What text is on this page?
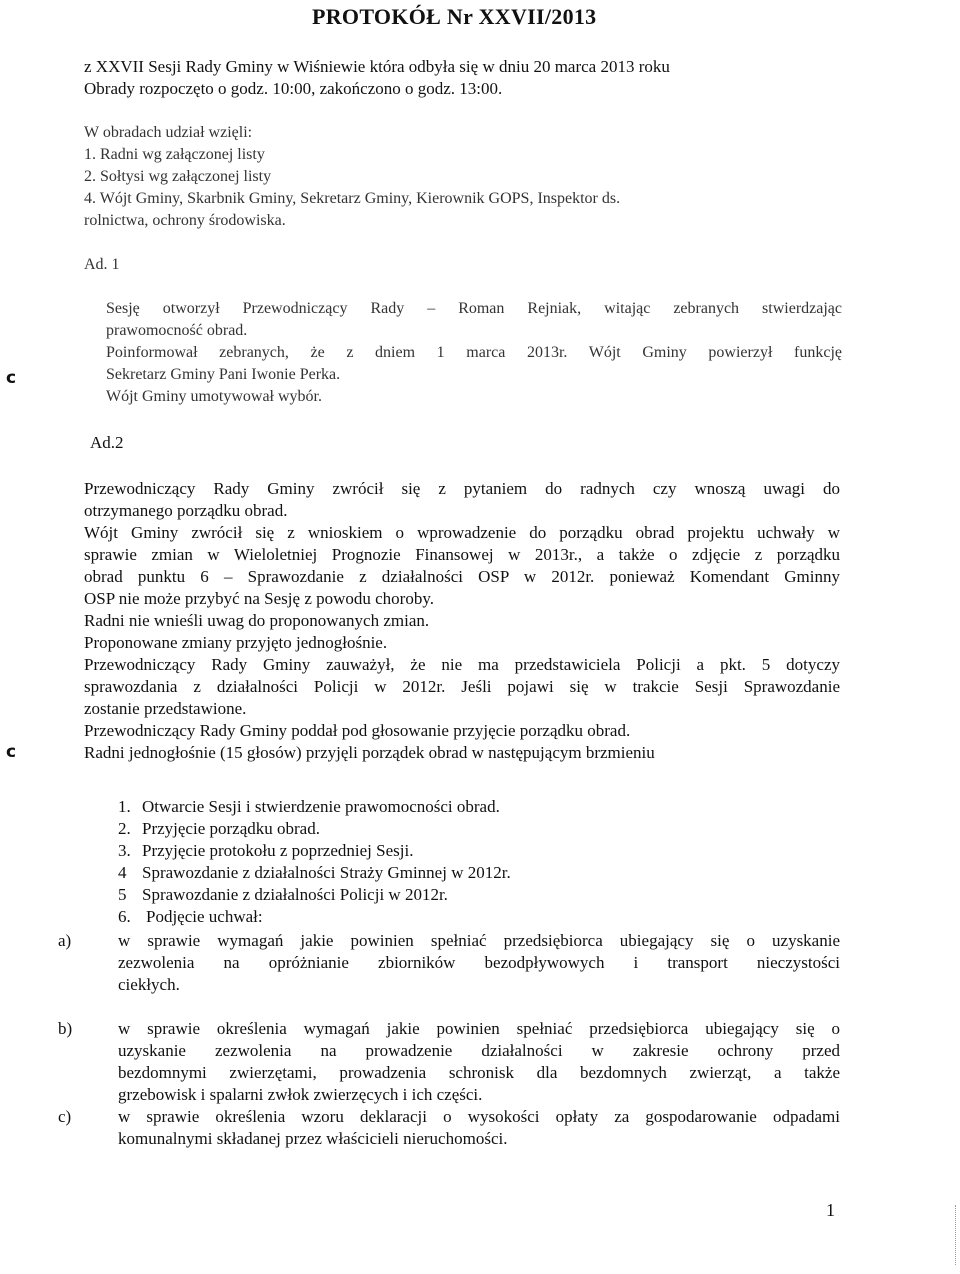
PROTOKÓŁ Nr XXVII/2013
z XXVII Sesji Rady Gminy w Wiśniewie która odbyła się w dniu 20 marca 2013 roku
Obrady rozpoczęto o godz. 10:00, zakończono o godz. 13:00.
W obradach udział wzięli:
1. Radni wg załączonej listy
2. Sołtysi wg załączonej listy
4. Wójt Gminy, Skarbnik Gminy, Sekretarz Gminy, Kierownik GOPS, Inspektor ds.
rolnictwa, ochrony środowiska.
Ad. 1
Sesję otworzył Przewodniczący Rady – Roman Rejniak, witając zebranych stwierdzając
prawomocność obrad.
Poinformował zebranych, że z dniem 1 marca 2013r. Wójt Gminy powierzył funkcję
Sekretarz Gminy Pani Iwonie Perka.
Wójt Gminy umotywował wybór.
Ad.2
Przewodniczący Rady Gminy zwrócił się z pytaniem do radnych czy wnoszą uwagi do
otrzymanego porządku obrad.
Wójt Gminy zwrócił się z wnioskiem o wprowadzenie do porządku obrad projektu uchwały w
sprawie zmian w Wieloletniej Prognozie Finansowej w 2013r., a także o zdjęcie z porządku
obrad punktu 6 – Sprawozdanie z działalności OSP w 2012r. ponieważ Komendant Gminny
OSP nie może przybyć na Sesję z powodu choroby.
Radni nie wnieśli uwag do proponowanych zmian.
Proponowane zmiany przyjęto jednogłośnie.
Przewodniczący Rady Gminy zauważył, że nie ma przedstawiciela Policji a pkt. 5 dotyczy
sprawozdania z działalności Policji w 2012r. Jeśli pojawi się w trakcie Sesji Sprawozdanie
zostanie przedstawione.
Przewodniczący Rady Gminy poddał pod głosowanie przyjęcie porządku obrad.
Radni jednogłośnie (15 głosów) przyjęli porządek obrad w następującym brzmieniu
1. Otwarcie Sesji i stwierdzenie prawomocności obrad.
2. Przyjęcie porządku obrad.
3. Przyjęcie protokołu z poprzedniej Sesji.
4 Sprawozdanie z działalności Straży Gminnej w 2012r.
5 Sprawozdanie z działalności Policji w 2012r.
6. Podjęcie uchwał:
a)	w sprawie wymagań jakie powinien spełniać przedsiębiorca ubiegający się o uzyskanie
zezwolenia na opróżnianie zbiorników bezodpływowych i transport nieczystości
ciekłych.
b)	w sprawie określenia wymagań jakie powinien spełniać przedsiębiorca ubiegający się o
uzyskanie zezwolenia na prowadzenie działalności w zakresie ochrony przed
bezdomnymi zwierzętami, prowadzenia schronisk dla bezdomnych zwierząt, a także
grzebowisk i spalarni zwłok zwierzęcych i ich części.
c)	w sprawie określenia wzoru deklaracji o wysokości opłaty za gospodarowanie odpadami
komunalnymi składanej przez właścicieli nieruchomości.
c
c
1
